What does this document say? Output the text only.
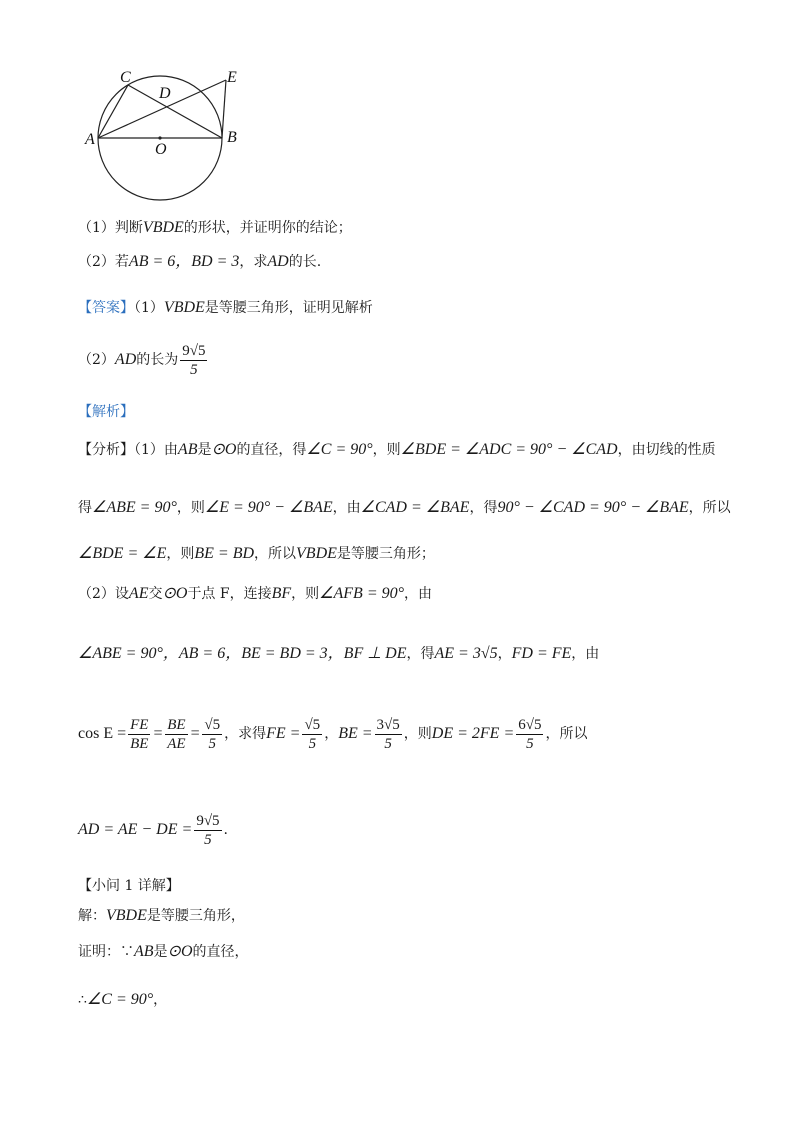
C
D
E
A
O
B
（1）判断VBDE的形状，并证明你的结论；
（2）若AB = 6，BD = 3，求AD的长.
【答案】（1）VBDE是等腰三角形，证明见解析
（2）AD的长为 $\frac{9√5}{5}$
【解析】
【分析】（1）由AB是⊙O的直径，得∠C = 90°，则∠BDE = ∠ADC = 90° − ∠CAD，由切线的性质
得∠ABE = 90°，则∠E = 90° − ∠BAE，由∠CAD = ∠BAE，得90° − ∠CAD = 90° − ∠BAE，所以
∠BDE = ∠E，则BE = BD，所以VBDE是等腰三角形；
（2）设AE交⊙O于点 F，连接BF，则∠AFB = 90°，由
∠ABE = 90°，AB = 6，BE = BD = 3，BF ⊥ DE，得AE = 3√5，FD = FE，由
$\cos E = \frac{FE}{BE} = \frac{BE}{AE} = \frac{√5}{5}$ ，求得FE = $\frac{√5}{5}$ ，BE = $\frac{3√5}{5}$ ，则DE = $2FE = \frac{6√5}{5}$ ，所以
AD = AE − DE = $\frac{9√5}{5}$ .
【小问 1 详解】
解：VBDE是等腰三角形，
证明：∵AB是⊙O的直径，
∴∠C = 90°，
